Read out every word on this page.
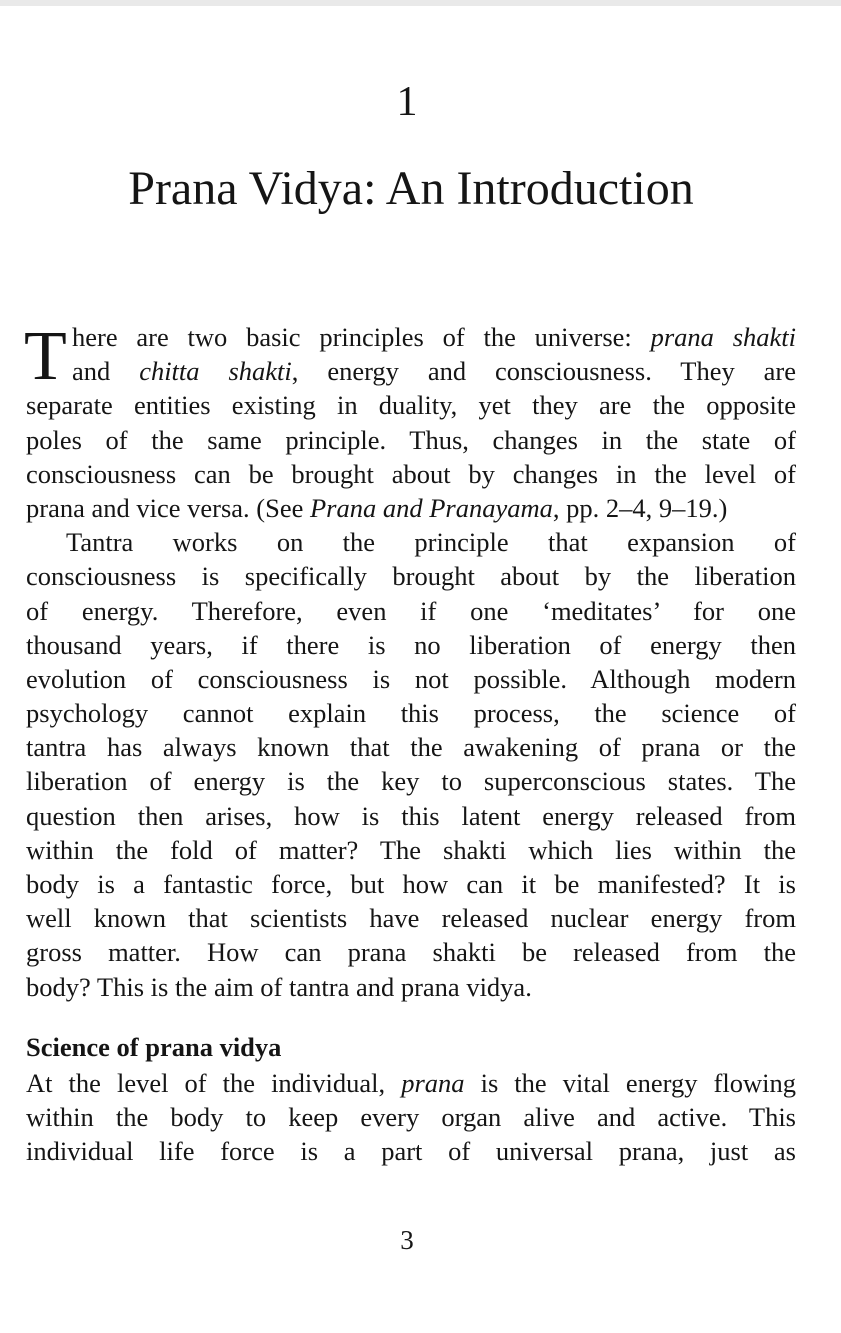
1
Prana Vidya: An Introduction
T here are two basic principles of the universe: prana shakti
and chitta shakti, energy and consciousness. They are
separate entities existing in duality, yet they are the opposite
poles of the same principle. Thus, changes in the state of
consciousness can be brought about by changes in the level of
prana and vice versa. (See Prana and Pranayama, pp. 2–4, 9–19.)
Tantra works on the principle that expansion of
consciousness is specifically brought about by the liberation
of energy. Therefore, even if one ‘meditates’ for one
thousand years, if there is no liberation of energy then
evolution of consciousness is not possible. Although modern
psychology cannot explain this process, the science of
tantra has always known that the awakening of prana or the
liberation of energy is the key to superconscious states. The
question then arises, how is this latent energy released from
within the fold of matter? The shakti which lies within the
body is a fantastic force, but how can it be manifested? It is
well known that scientists have released nuclear energy from
gross matter. How can prana shakti be released from the
body? This is the aim of tantra and prana vidya.
Science of prana vidya
At the level of the individual, prana is the vital energy flowing
within the body to keep every organ alive and active. This
individual life force is a part of universal prana, just as
3
